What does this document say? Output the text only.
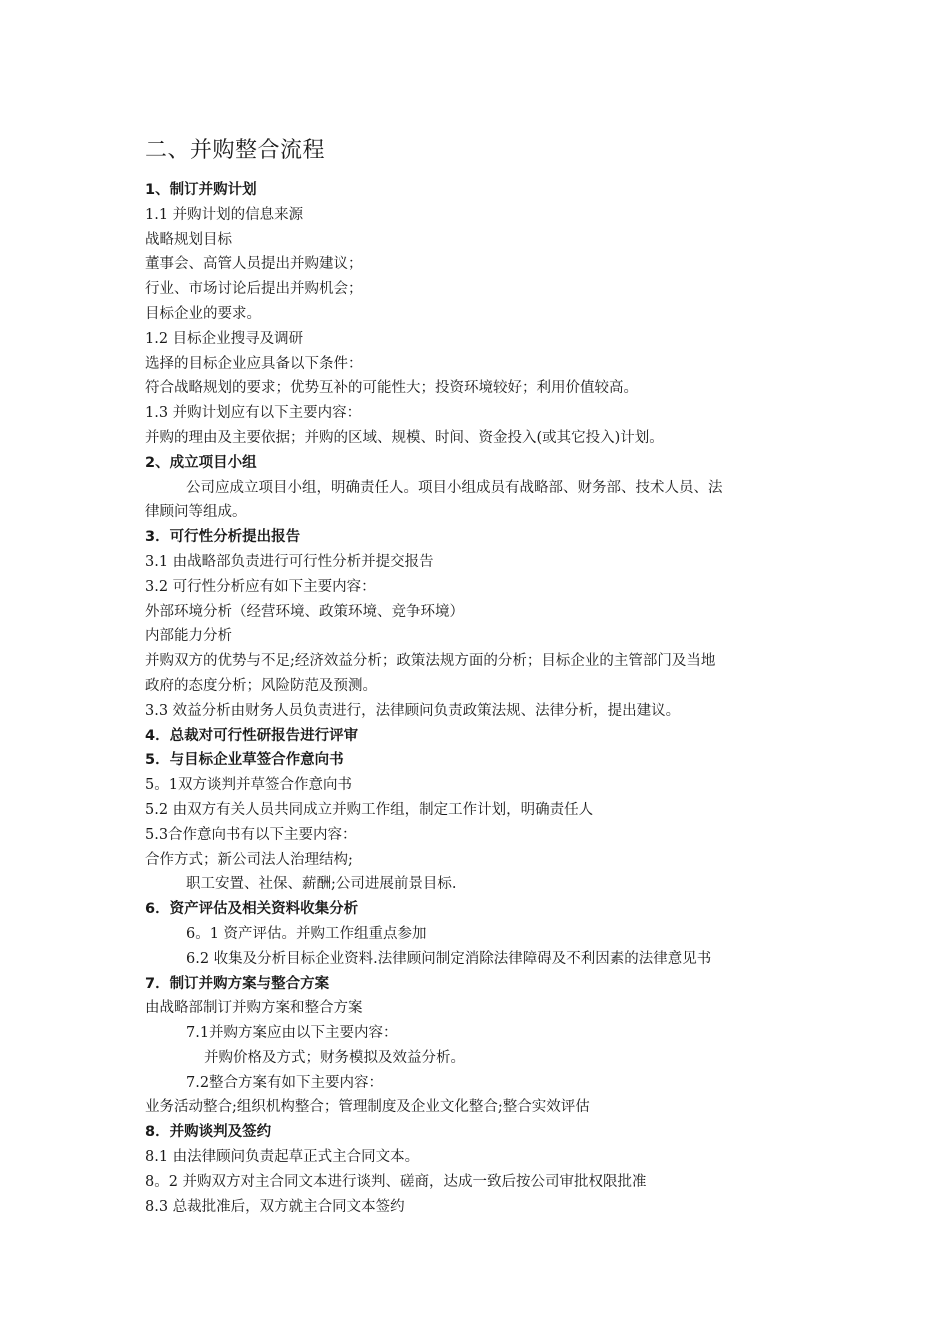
二、并购整合流程
1、制订并购计划
1.1 并购计划的信息来源
战略规划目标
董事会、高管人员提出并购建议；
行业、市场讨论后提出并购机会；
目标企业的要求。
1.2 目标企业搜寻及调研
选择的目标企业应具备以下条件：
符合战略规划的要求；优势互补的可能性大；投资环境较好；利用价值较高。
1.3 并购计划应有以下主要内容：
并购的理由及主要依据；并购的区域、规模、时间、资金投入(或其它投入)计划。
2、成立项目小组
公司应成立项目小组，明确责任人。项目小组成员有战略部、财务部、技术人员、法
律顾问等组成。
3．可行性分析提出报告
3.1 由战略部负责进行可行性分析并提交报告
3.2 可行性分析应有如下主要内容：
外部环境分析（经营环境、政策环境、竞争环境）
内部能力分析
并购双方的优势与不足;经济效益分析；政策法规方面的分析；目标企业的主管部门及当地
政府的态度分析；风险防范及预测。
3.3 效益分析由财务人员负责进行，法律顾问负责政策法规、法律分析，提出建议。
4．总裁对可行性研报告进行评审
5．与目标企业草签合作意向书
5。1双方谈判并草签合作意向书
5.2 由双方有关人员共同成立并购工作组，制定工作计划，明确责任人
5.3合作意向书有以下主要内容：
合作方式；新公司法人治理结构;
职工安置、社保、薪酬;公司进展前景目标.
6．资产评估及相关资料收集分析
6。1 资产评估。并购工作组重点参加
6.2 收集及分析目标企业资料.法律顾问制定消除法律障碍及不利因素的法律意见书
7．制订并购方案与整合方案
由战略部制订并购方案和整合方案
7.1并购方案应由以下主要内容：
并购价格及方式；财务模拟及效益分析。
7.2整合方案有如下主要内容：
业务活动整合;组织机构整合；管理制度及企业文化整合;整合实效评估
8．并购谈判及签约
8.1 由法律顾问负责起草正式主合同文本。
8。2 并购双方对主合同文本进行谈判、磋商，达成一致后按公司审批权限批准
8.3 总裁批准后，双方就主合同文本签约
